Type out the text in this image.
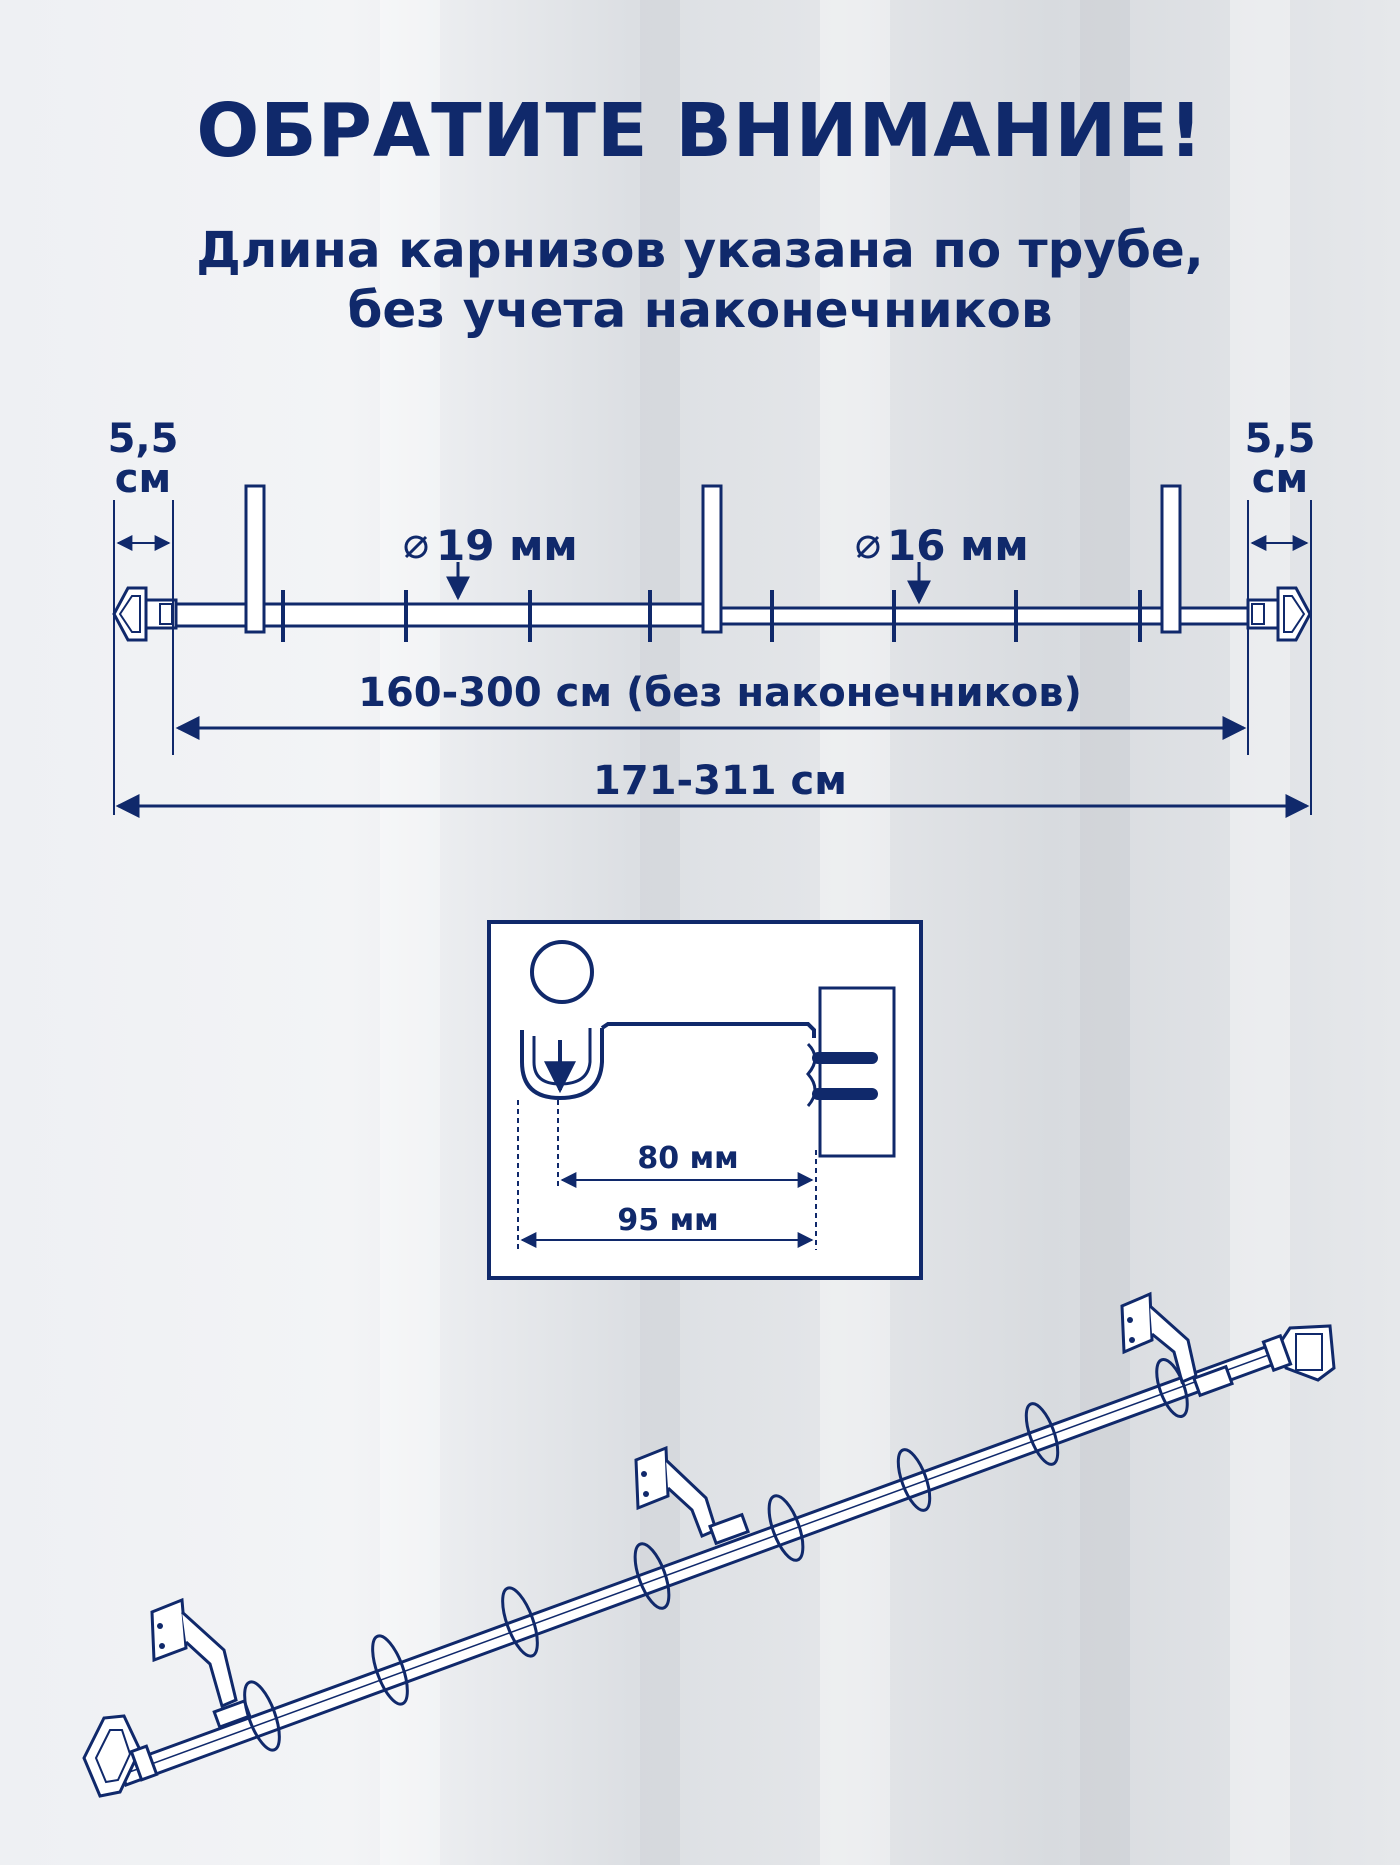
ОБРАТИТЕ ВНИМАНИЕ!
Длина карнизов указана по трубе,
без учета наконечников
5,5
см
5,5
см
19 мм	16 мм
160-300 см (без наконечников)
171-311 см
80 мм
95 мм
